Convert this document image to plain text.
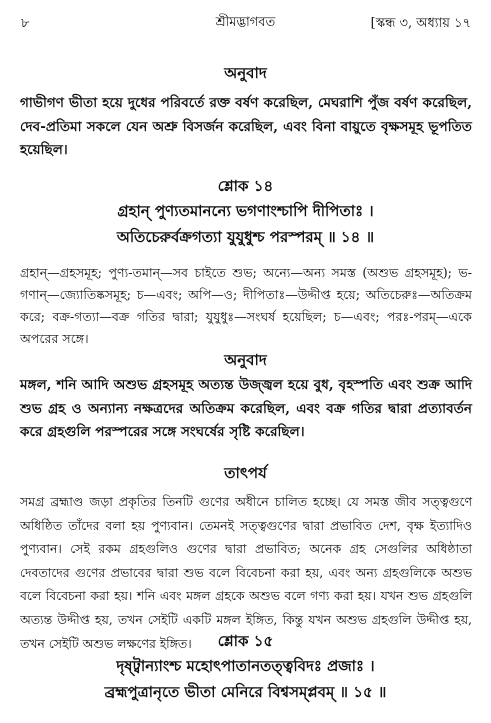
৮	শ্রীমদ্ভাগবত	[স্কন্ধ ৩, অধ্যায় ১৭
অনুবাদ

গাভীগণ ভীতা হয়ে দুধের পরিবর্তে রক্ত বর্ষণ করেছিল, মেঘরাশি পুঁজ বর্ষণ করেছিল, দেব-প্রতিমা সকলে যেন অশ্রু বিসর্জন করেছিল, এবং বিনা বায়ুতে বৃক্ষসমূহ ভূপতিত হয়েছিল।

শ্লোক ১৪
গ্রহান্ পুণ্যতমানন্যে ভগণাংশ্চাপি দীপিতাঃ ।
অতিচেরুর্বক্রগত্যা যুযুধুশ্চ পরস্পরম্ ॥ ১৪ ॥

গ্রহান্—গ্রহসমূহ; পুণ্য-তমান্—সব চাইতে শুভ; অন্যে—অন্য সমস্ত (অশুভ গ্রহসমূহ); ভ-গণান্—জ্যোতিষ্কসমূহ; চ—এবং; অপি—ও; দীপিতাঃ—উদ্দীপ্ত হয়ে; অতিচেরুঃ—অতিক্রম করে; বক্র-গত্যা—বক্র গতির দ্বারা; যুযুধুঃ—সংঘর্ষ হয়েছিল; চ—এবং; পরঃ-পরম্—একে অপরের সঙ্গে।

অনুবাদ

মঙ্গল, শনি আদি অশুভ গ্রহসমূহ অত্যন্ত উজ্জ্বল হয়ে বুধ, বৃহস্পতি এবং শুক্র আদি শুভ গ্রহ ও অন্যান্য নক্ষত্রদের অতিক্রম করেছিল, এবং বক্র গতির দ্বারা প্রত্যাবর্তন করে গ্রহগুলি পরস্পরের সঙ্গে সংঘর্ষের সৃষ্টি করেছিল।

তাৎপর্য

সমগ্র ব্রহ্মাণ্ড জড়া প্রকৃতির তিনটি গুণের অধীনে চালিত হচ্ছে। যে সমস্ত জীব সত্ত্বগুণে অধিষ্ঠিত তাঁদের বলা হয় পুণ্যবান। তেমনই সত্ত্বগুণের দ্বারা প্রভাবিত দেশ, বৃক্ষ ইত্যাদিও পুণ্যবান। সেই রকম গ্রহগুলিও গুণের দ্বারা প্রভাবিত; অনেক গ্রহ সেগুলির অধিষ্ঠাতা দেবতাদের গুণের প্রভাবের দ্বারা শুভ বলে বিবেচনা করা হয়, এবং অন্য গ্রহগুলিকে অশুভ বলে বিবেচনা করা হয়। শনি এবং মঙ্গল গ্রহকে অশুভ বলে গণ্য করা হয়। যখন শুভ গ্রহগুলি অত্যন্ত উদ্দীপ্ত হয়, তখন সেইটি একটি মঙ্গল ইঙ্গিত, কিন্তু যখন অশুভ গ্রহগুলি উদ্দীপ্ত হয়, তখন সেইটি অশুভ লক্ষণের ইঙ্গিত।	শ্লোক ১৫
দৃষ্ট্বান্যাংশ্চ মহোৎপাতানতত্ত্ববিদঃ প্রজাঃ ।
ব্রহ্মপুত্রানৃতে ভীতা মেনিরে বিশ্বসম্প্লবম্ ॥ ১৫ ॥
